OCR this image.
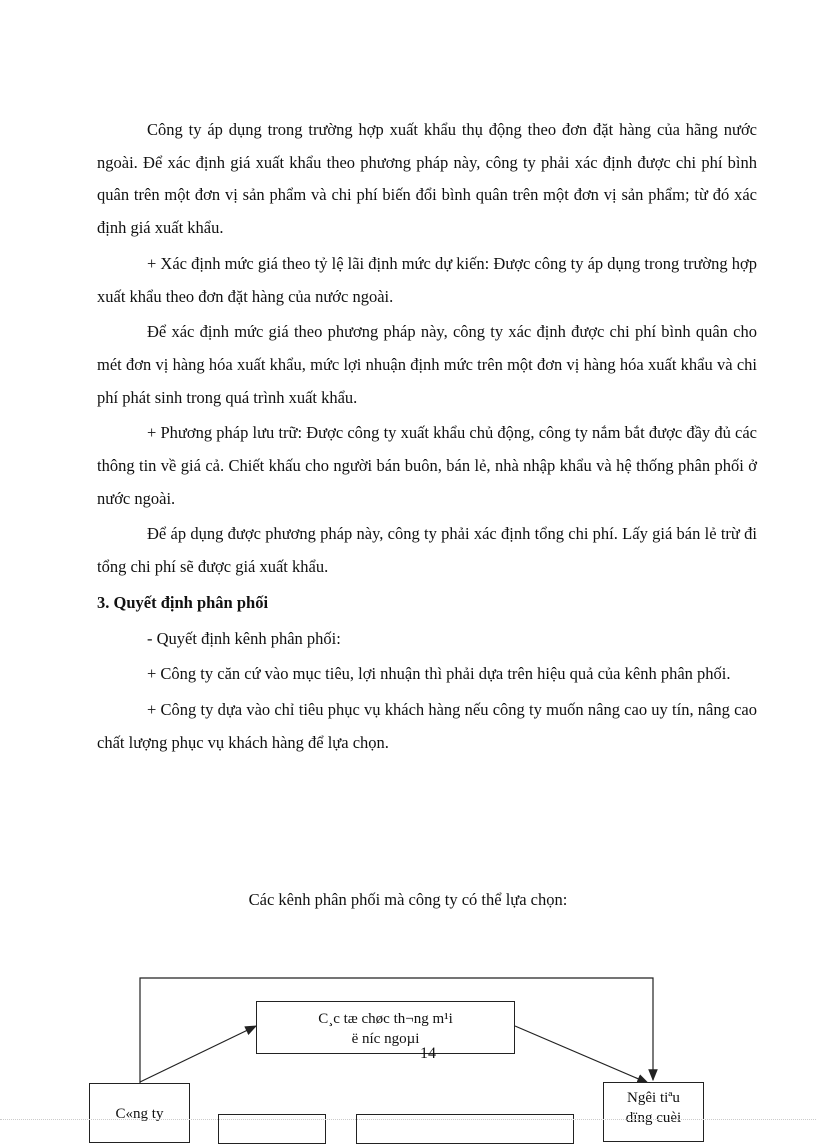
Công ty áp dụng trong trường hợp xuất khẩu thụ động theo đơn đặt hàng của hãng nước ngoài. Để xác định giá xuất khẩu theo phương pháp này, công ty phải xác định được chi phí bình quân trên một đơn vị sản phẩm và chi phí biến đổi bình quân trên một đơn vị sản phẩm; từ đó xác định giá xuất khẩu.

+ Xác định mức giá theo tỷ lệ lãi định mức dự kiến: Được công ty áp dụng trong trường hợp xuất khẩu theo đơn đặt hàng của nước ngoài.

Để xác định mức giá theo phương pháp này, công ty xác định được chi phí bình quân cho mét đơn vị hàng hóa xuất khẩu, mức lợi nhuận định mức trên một đơn vị hàng hóa xuất khẩu và chi phí phát sinh trong quá trình xuất khẩu.

+ Phương pháp lưu trữ: Được công ty xuất khẩu chủ động, công ty nắm bắt được đầy đủ các thông tin về giá cả. Chiết khấu cho người bán buôn, bán lẻ, nhà nhập khẩu và hệ thống phân phối ở nước ngoài.

Để áp dụng được phương pháp này, công ty phải xác định tổng chi phí. Lấy giá bán lẻ trừ đi tổng chi phí sẽ được giá xuất khẩu.

3. Quyết định phân phối

- Quyết định kênh phân phối:

+ Công ty căn cứ vào mục tiêu, lợi nhuận thì phải dựa trên hiệu quả của kênh phân phối.

+ Công ty dựa vào chỉ tiêu phục vụ khách hàng nếu công ty muốn nâng cao uy tín, nâng cao chất lượng phục vụ khách hàng để lựa chọn.

Các kênh phân phối mà công ty có thể lựa chọn:
C¸c tæ chøc th¬ng m¹i
ë níc ngoµi
C«ng ty
Ngêi tiªu
dïng cuèi
14
